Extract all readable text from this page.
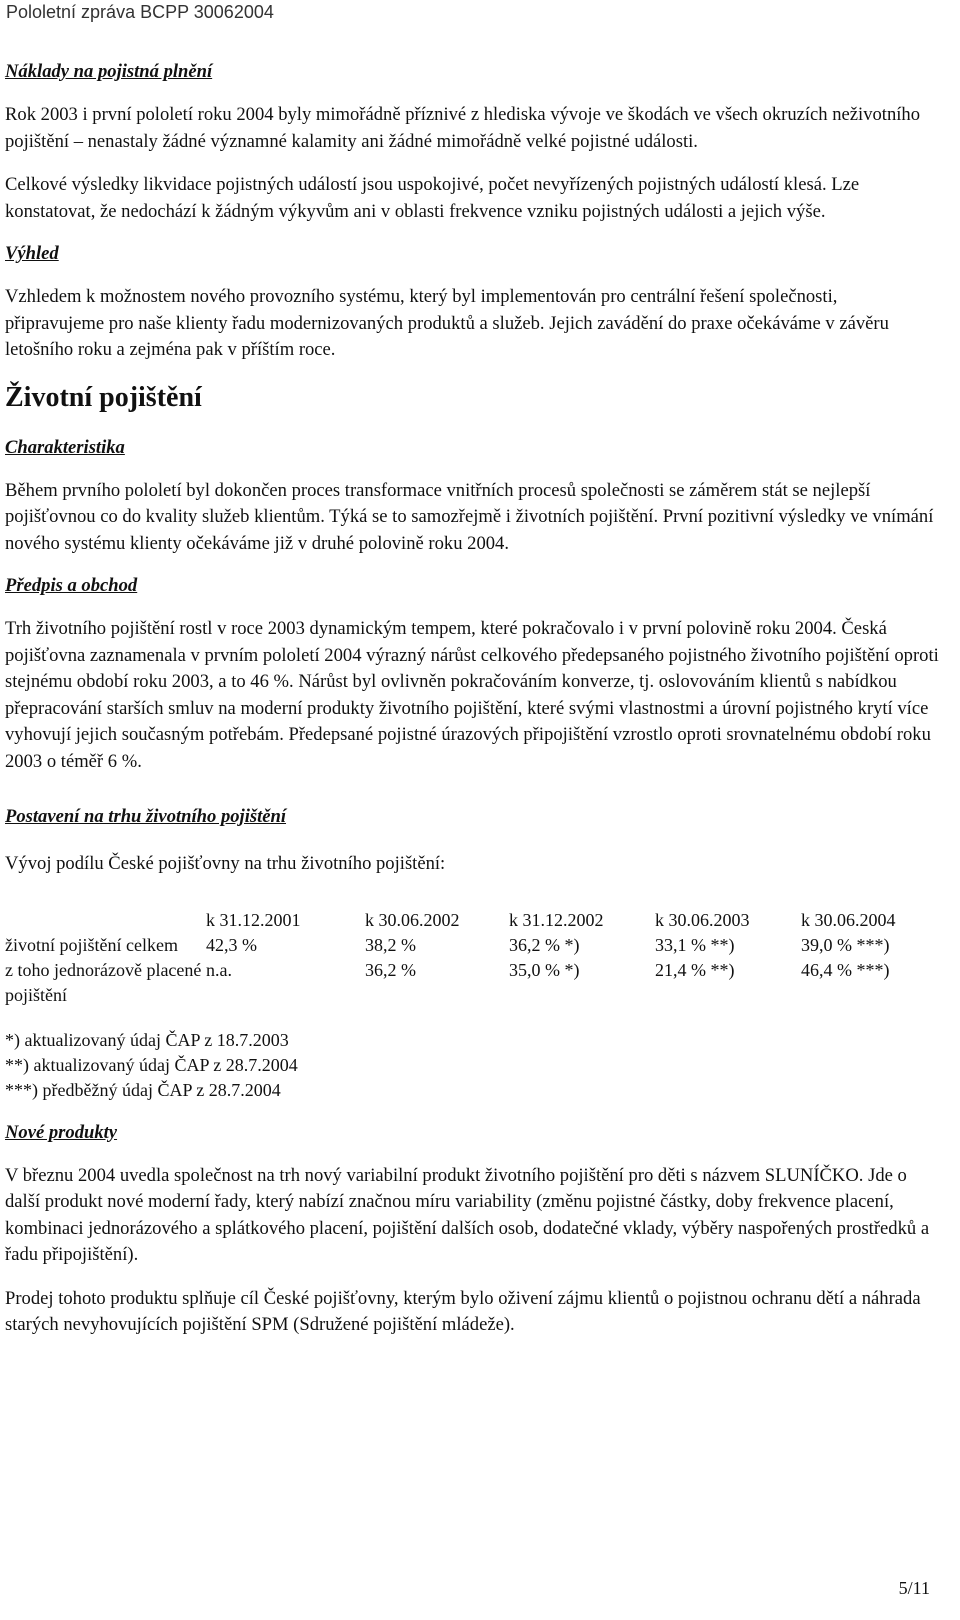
Pololetní zpráva BCPP 30062004
Náklady na pojistná plnění

Rok 2003 i první pololetí roku 2004 byly mimořádně příznivé z hlediska vývoje ve škodách ve všech okruzích neživotního pojištění – nenastaly žádné významné kalamity ani žádné mimořádně velké pojistné události.

Celkové výsledky likvidace pojistných událostí jsou uspokojivé, počet nevyřízených pojistných událostí klesá. Lze konstatovat, že nedochází k žádným výkyvům ani v oblasti frekvence vzniku pojistných události a jejich výše.

Výhled

Vzhledem k možnostem nového provozního systému, který byl implementován pro centrální řešení společnosti, připravujeme pro naše klienty řadu modernizovaných produktů a služeb. Jejich zavádění do praxe očekáváme v závěru letošního roku a zejména pak v příštím roce.

Životní pojištění
Charakteristika

Během prvního pololetí byl dokončen proces transformace vnitřních procesů společnosti se záměrem stát se nejlepší pojišťovnou co do kvality služeb klientům. Týká se to samozřejmě i životních pojištění. První pozitivní výsledky ve vnímání nového systému klienty očekáváme již v druhé polovině roku 2004.

Předpis a obchod

Trh životního pojištění rostl v roce 2003 dynamickým tempem, které pokračovalo i v první polovině roku 2004. Česká pojišťovna zaznamenala v prvním pololetí 2004 výrazný nárůst celkového předepsaného pojistného životního pojištění oproti stejnému období roku 2003, a to 46 %. Nárůst byl ovlivněn pokračováním konverze, tj. oslovováním klientů s nabídkou přepracování starších smluv na moderní produkty životního pojištění, které svými vlastnostmi a úrovní pojistného krytí více vyhovují jejich současným potřebám. Předepsané pojistné úrazových připojištění vzrostlo oproti srovnatelnému období roku 2003 o téměř 6 %.

Postavení na trhu životního pojištění

Vývoj podílu České pojišťovny na trhu životního pojištění:

	k 31.12.2001	k 30.06.2002	k 31.12.2002	k 30.06.2003	k 30.06.2004
životní pojištění celkem	42,3 %	38,2 %	36,2 % *)	33,1 % **)	39,0 % ***)
z toho jednorázově placené pojištění	n.a.	36,2 %	35,0 % *)	21,4 % **)	46,4 % ***)
*) aktualizovaný údaj ČAP z 18.7.2003
**) aktualizovaný údaj ČAP z 28.7.2004
***) předběžný údaj ČAP z 28.7.2004
Nové produkty

V březnu 2004 uvedla společnost na trh nový variabilní produkt životního pojištění pro děti s názvem SLUNÍČKO. Jde o další produkt nové moderní řady, který nabízí značnou míru variability (změnu pojistné částky, doby frekvence placení, kombinaci jednorázového a splátkového placení, pojištění dalších osob, dodatečné vklady, výběry naspořených prostředků a řadu připojištění).

Prodej tohoto produktu splňuje cíl České pojišťovny, kterým bylo oživení zájmu klientů o pojistnou ochranu dětí a náhrada starých nevyhovujících pojištění SPM (Sdružené pojištění mládeže).

5/11
